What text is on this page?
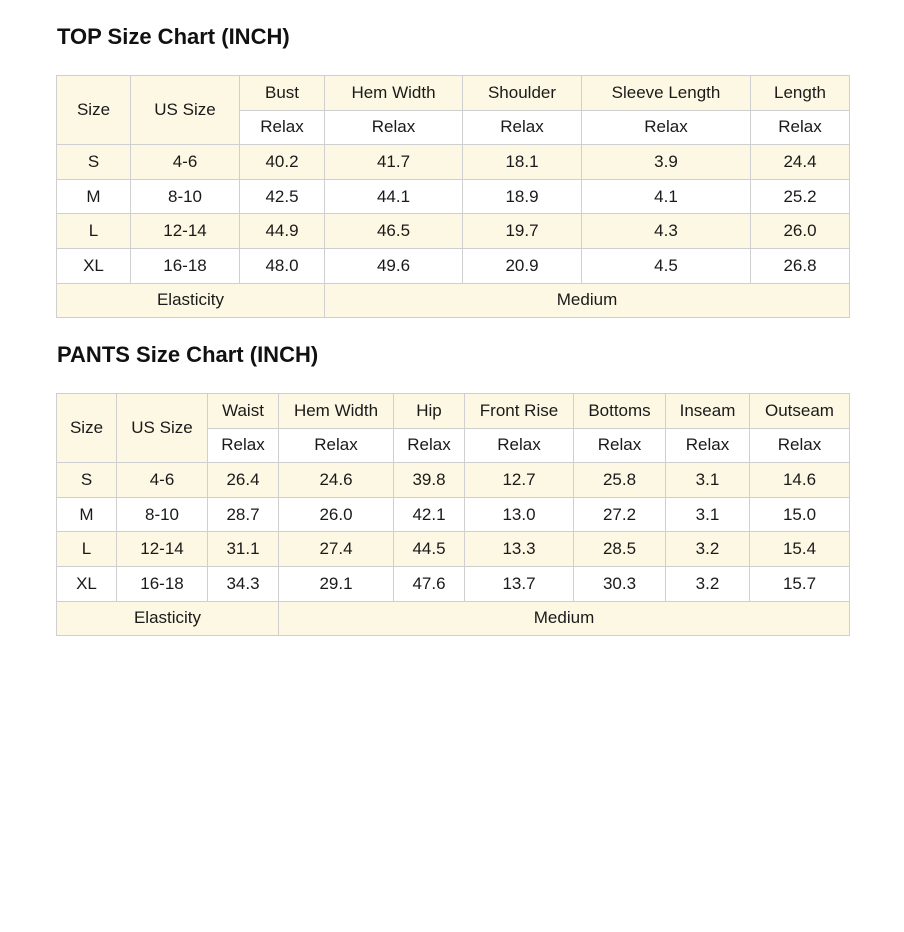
TOP Size Chart (INCH)
Size	US Size	Bust	Hem Width	Shoulder	Sleeve Length	Length
		Relax	Relax	Relax	Relax	Relax
S	4-6	40.2	41.7	18.1	3.9	24.4
M	8-10	42.5	44.1	18.9	4.1	25.2
L	12-14	44.9	46.5	19.7	4.3	26.0
XL	16-18	48.0	49.6	20.9	4.5	26.8
Elasticity			Medium			
PANTS Size Chart (INCH)
Size	US Size	Waist	Hem Width	Hip	Front Rise	Bottoms	Inseam	Outseam
		Relax	Relax	Relax	Relax	Relax	Relax	Relax
S	4-6	26.4	24.6	39.8	12.7	25.8	3.1	14.6
M	8-10	28.7	26.0	42.1	13.0	27.2	3.1	15.0
L	12-14	31.1	27.4	44.5	13.3	28.5	3.2	15.4
XL	16-18	34.3	29.1	47.6	13.7	30.3	3.2	15.7
Elasticity			Medium					
